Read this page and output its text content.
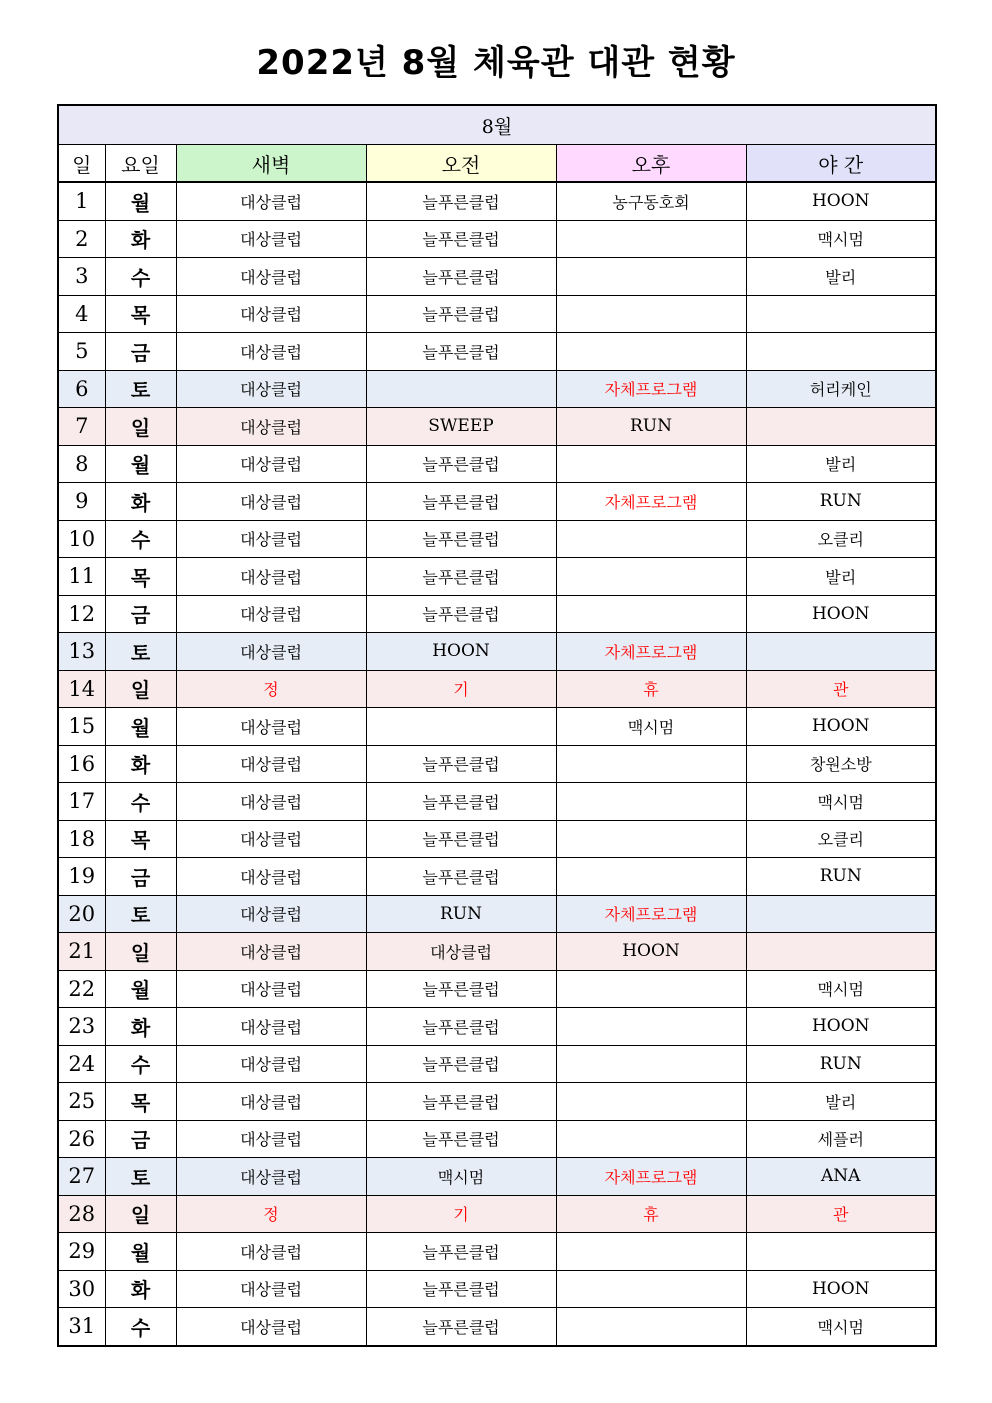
2022년 8월 체육관 대관 현황
8월					
일	요일	새벽	오전	오후	야 간
1	월	대상클럽	늘푸른클럽	농구동호회	HOON
2	화	대상클럽	늘푸른클럽		맥시멈
3	수	대상클럽	늘푸른클럽		발리
4	목	대상클럽	늘푸른클럽		
5	금	대상클럽	늘푸른클럽		
6	토	대상클럽		자체프로그램	허리케인
7	일	대상클럽	SWEEP	RUN	
8	월	대상클럽	늘푸른클럽		발리
9	화	대상클럽	늘푸른클럽	자체프로그램	RUN
10	수	대상클럽	늘푸른클럽		오클리
11	목	대상클럽	늘푸른클럽		발리
12	금	대상클럽	늘푸른클럽		HOON
13	토	대상클럽	HOON	자체프로그램	
14	일	정	기	휴	관
15	월	대상클럽		맥시멈	HOON
16	화	대상클럽	늘푸른클럽		창원소방
17	수	대상클럽	늘푸른클럽		맥시멈
18	목	대상클럽	늘푸른클럽		오클리
19	금	대상클럽	늘푸른클럽		RUN
20	토	대상클럽	RUN	자체프로그램	
21	일	대상클럽	대상클럽	HOON	
22	월	대상클럽	늘푸른클럽		맥시멈
23	화	대상클럽	늘푸른클럽		HOON
24	수	대상클럽	늘푸른클럽		RUN
25	목	대상클럽	늘푸른클럽		발리
26	금	대상클럽	늘푸른클럽		세플러
27	토	대상클럽	맥시멈	자체프로그램	ANA
28	일	정	기	휴	관
29	월	대상클럽	늘푸른클럽		
30	화	대상클럽	늘푸른클럽		HOON
31	수	대상클럽	늘푸른클럽		맥시멈
